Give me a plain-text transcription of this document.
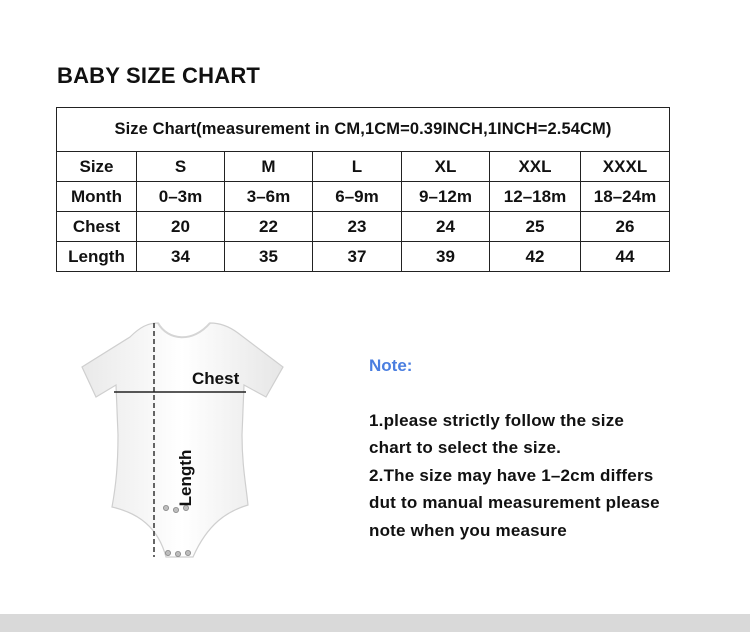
BABY SIZE CHART
Size Chart(measurement in CM,1CM=0.39INCH,1INCH=2.54CM)						
Size	S	M	L	XL	XXL	XXXL
Month	0–3m	3–6m	6–9m	9–12m	12–18m	18–24m
Chest	20	22	23	24	25	26
Length	34	35	37	39	42	44
Chest
Length
Note:
1.please strictly follow the size
chart to select the size.
2.The size may have 1–2cm differs
dut to manual measurement please
note when you measure
